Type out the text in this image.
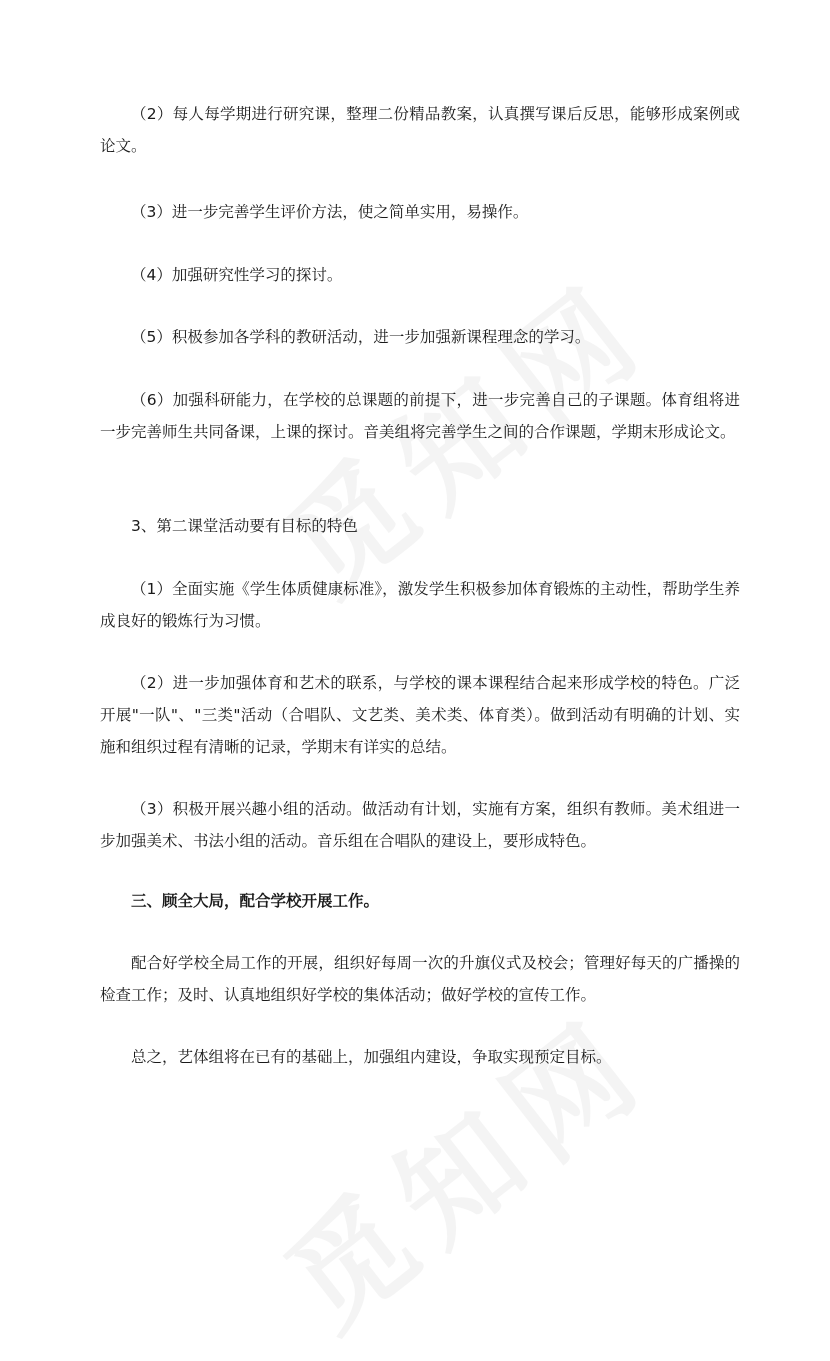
（2）每人每学期进行研究课，整理二份精品教案，认真撰写课后反思，能够形成案例或论文。

（3）进一步完善学生评价方法，使之简单实用，易操作。

（4）加强研究性学习的探讨。

（5）积极参加各学科的教研活动，进一步加强新课程理念的学习。

（6）加强科研能力，在学校的总课题的前提下，进一步完善自己的子课题。体育组将进一步完善师生共同备课，上课的探讨。音美组将完善学生之间的合作课题，学期末形成论文。

3、第二课堂活动要有目标的特色

（1）全面实施《学生体质健康标准》，激发学生积极参加体育锻炼的主动性，帮助学生养成良好的锻炼行为习惯。

（2）进一步加强体育和艺术的联系，与学校的课本课程结合起来形成学校的特色。广泛开展"一队"、"三类"活动（合唱队、文艺类、美术类、体育类）。做到活动有明确的计划、实施和组织过程有清晰的记录，学期末有详实的总结。

（3）积极开展兴趣小组的活动。做活动有计划，实施有方案，组织有教师。美术组进一步加强美术、书法小组的活动。音乐组在合唱队的建设上，要形成特色。

三、顾全大局，配合学校开展工作。

配合好学校全局工作的开展，组织好每周一次的升旗仪式及校会；管理好每天的广播操的检查工作；及时、认真地组织好学校的集体活动；做好学校的宣传工作。

总之，艺体组将在已有的基础上，加强组内建设，争取实现预定目标。
